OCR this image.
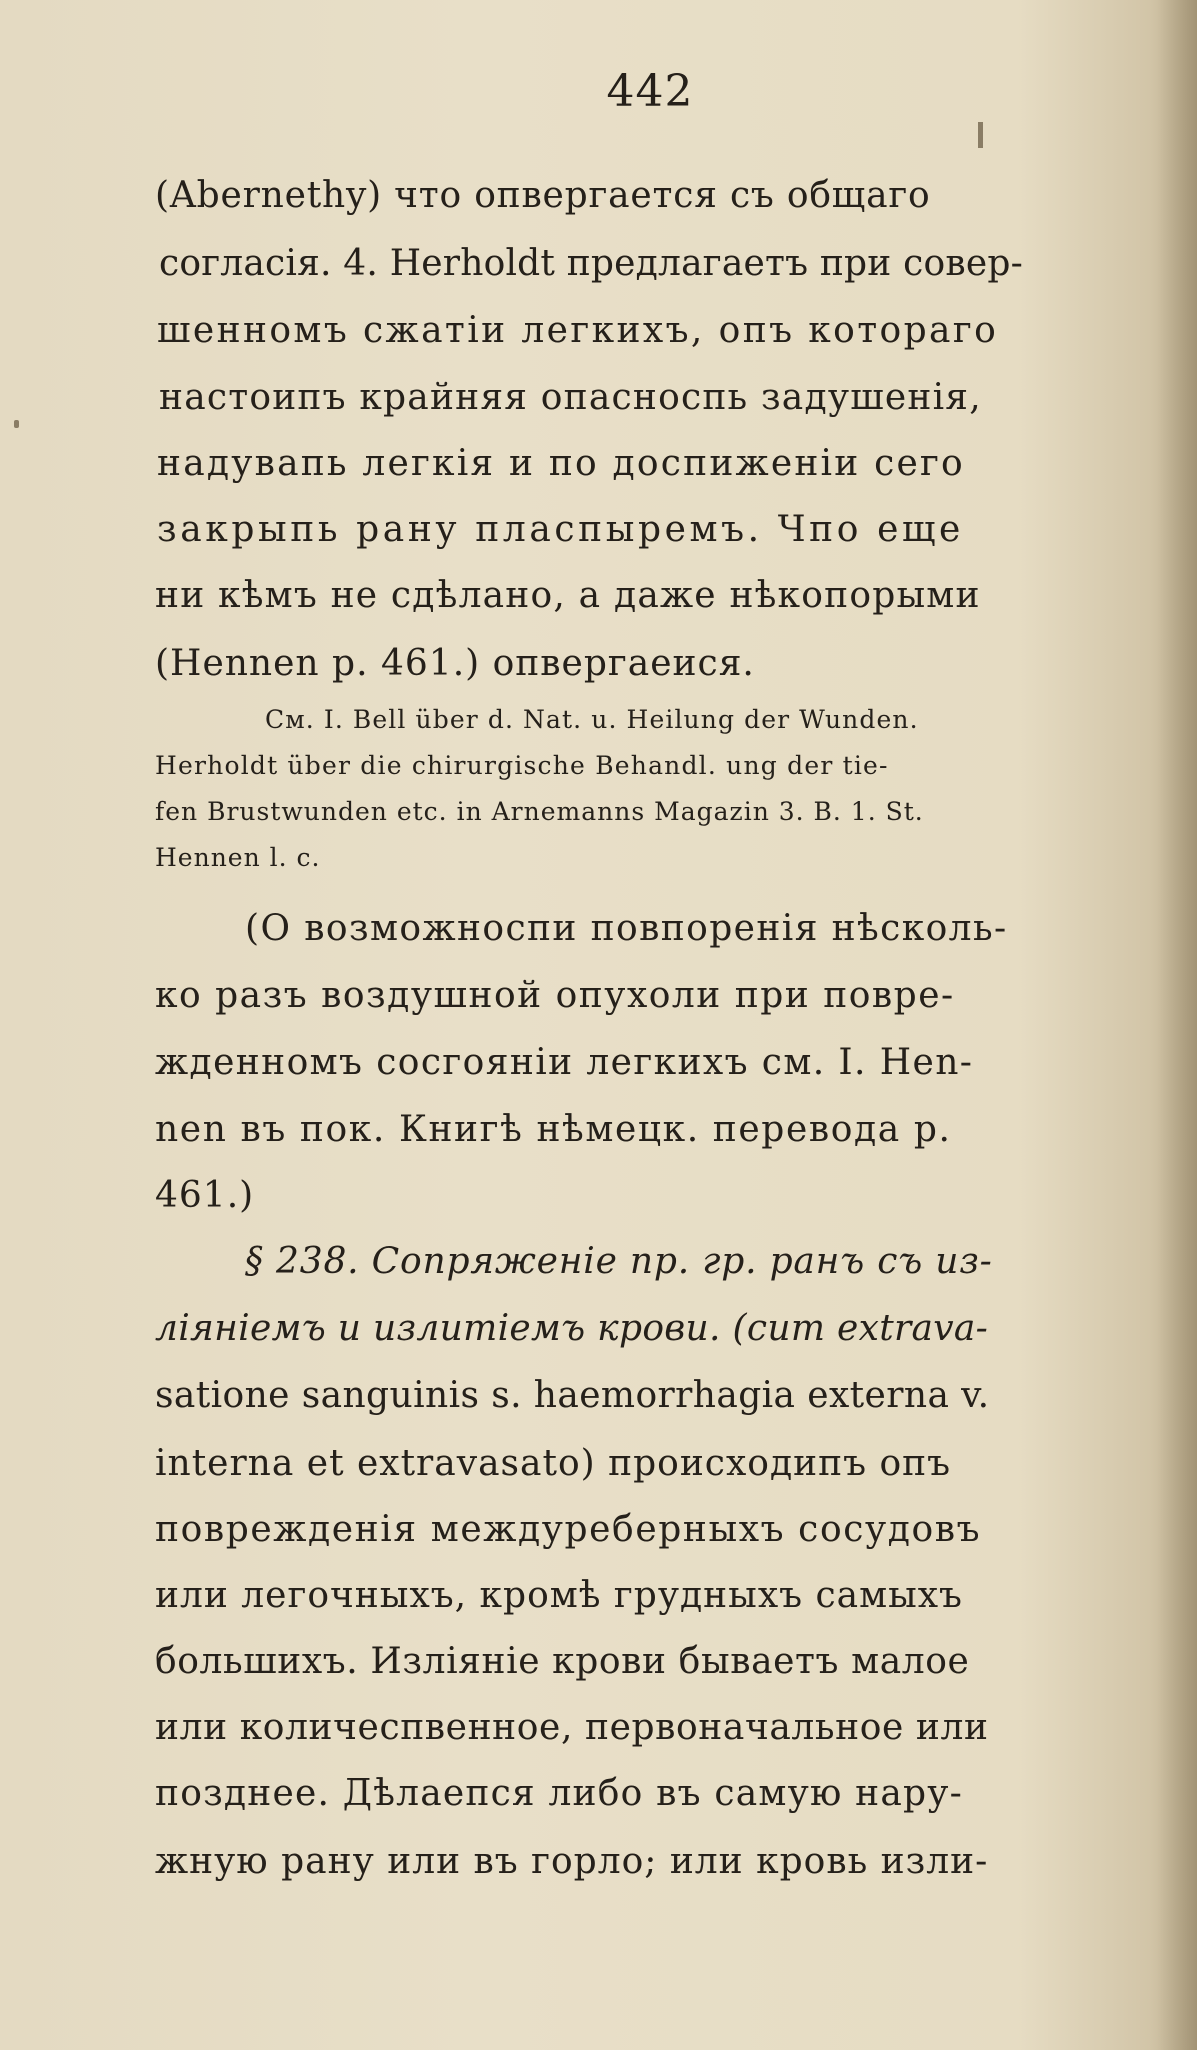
442
(Abernethy) что опвергается съ общаго
согласія. 4. Herholdt предлагаетъ при совер-
шенномъ сжатіи легкихъ, опъ котораго
настоипъ крайняя опасноспь задушенія,
надувапь легкія и по доспиженіи сего
закрыпь рану пласпыремъ. Чпо еще
ни кѣмъ не сдѣлано, а даже нѣкопорыми
(Hennen p. 461.) опвергаеися.
См. I. Bell über d. Nat. u. Heilung der Wunden.
Herholdt über die chirurgische Behandl. ung der tie-
fen Brustwunden etc. in Arnemanns Magazin 3. B. 1. St.
Hennen l. c.
(О возможноспи повпоренія нѣсколь-
ко разъ воздушной опухоли при повре-
жденномъ сосгояніи легкихъ см. I. Hen-
nen въ пок. Книгѣ нѣмецк. перевода p.
461.)
§ 238. Сопряженіе пр. гр. ранъ съ из-
ліяніемъ и излитіемъ крови. (cum extrava-
satione sanguinis s. haemorrhagia externa v.
interna et extravasato) происходипъ опъ
поврежденія междуреберныхъ сосудовъ
или легочныхъ, кромѣ грудныхъ самыхъ
большихъ. Изліяніе крови бываетъ малое
или количеспвенное, первоначальное или
позднее. Дѣлаепся либо въ самую нару-
жную рану или въ горло; или кровь изли-
